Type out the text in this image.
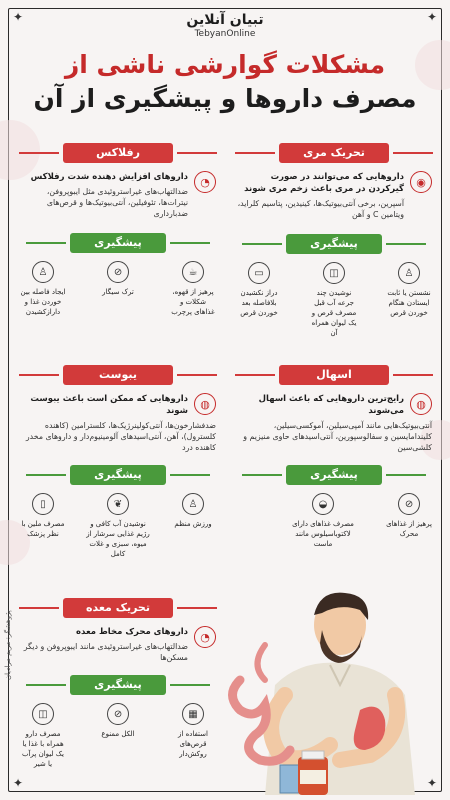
✦	✦
✦	✦
تبیان آنلاین
TebyanOnline
مشکلات گوارشی ناشی از
مصرف داروها و پیشگیری از آن
تحریک مری
◉
داروهایی که می‌توانند در صورت گیرکردن در مری باعث زخم مری شوند
آسپرین، برخی آنتی‌بیوتیک‌ها، کینیدین، پتاسیم کلراید، ویتامین C و آهن
پیشگیری
♙
نشستن یا ثابت ایستادن هنگام خوردن قرص
◫
نوشیدن چند جرعه آب قبل مصرف قرص و یک لیوان همراه آن
▭
دراز نکشیدن بلافاصله بعد خوردن قرص
رفلاکس
◔
داروهای افزایش دهنده شدت رفلاکس
ضدالتهاب‌های غیراستروئیدی مثل ایبوپروفن، نیترات‌ها، تئوفیلین، آنتی‌بیوتیک‌ها و قرص‌های ضدبارداری
پیشگیری
☕
پرهیز از قهوه، شکلات و غذاهای پرچرب
⊘
ترک سیگار
♙
ایجاد فاصله بین خوردن غذا و دارازکشیدن
اسهال
◍
رایج‌ترین داروهایی که باعث اسهال می‌شوند
آنتی‌بیوتیک‌هایی مانند آمپی‌سیلین، آموکسی‌سیلین، کلیندامایسین و سفالوسپورین، آنتی‌اسیدهای حاوی منیزیم و کلشی‌سین
پیشگیری
⊘
پرهیز از غذاهای محرک
◒
مصرف غذاهای دارای لاکتوباسیلوس مانند ماست
یبوست
◍
داروهایی که ممکن است باعث یبوست شوند
ضدفشارخون‌ها، آنتی‌کولینرژیک‌ها، کلسترامین (کاهنده کلسترول)، آهن، آنتی‌اسیدهای آلومینیوم‌دار و داروهای مخدر کاهنده درد
پیشگیری
♙
ورزش منظم
❦
نوشیدن آب کافی و رژیم غذایی سرشار از میوه، سبزی و غلات کامل
▯
مصرف ملین با نظر پزشک
تحریک معده
◔
داروهای محرک مخاط معده
ضدالتهاب‌های غیراستروئیدی مانند ایبوپروفن و دیگر مسکن‌ها
پیشگیری
▦
استفاده از قرص‌های روکش‌دار
⊘
الکل ممنوع
◫
مصرف دارو همراه با غذا یا یک لیوان پرآب یا شیر
پژوهشگر: مریم مرادیان
